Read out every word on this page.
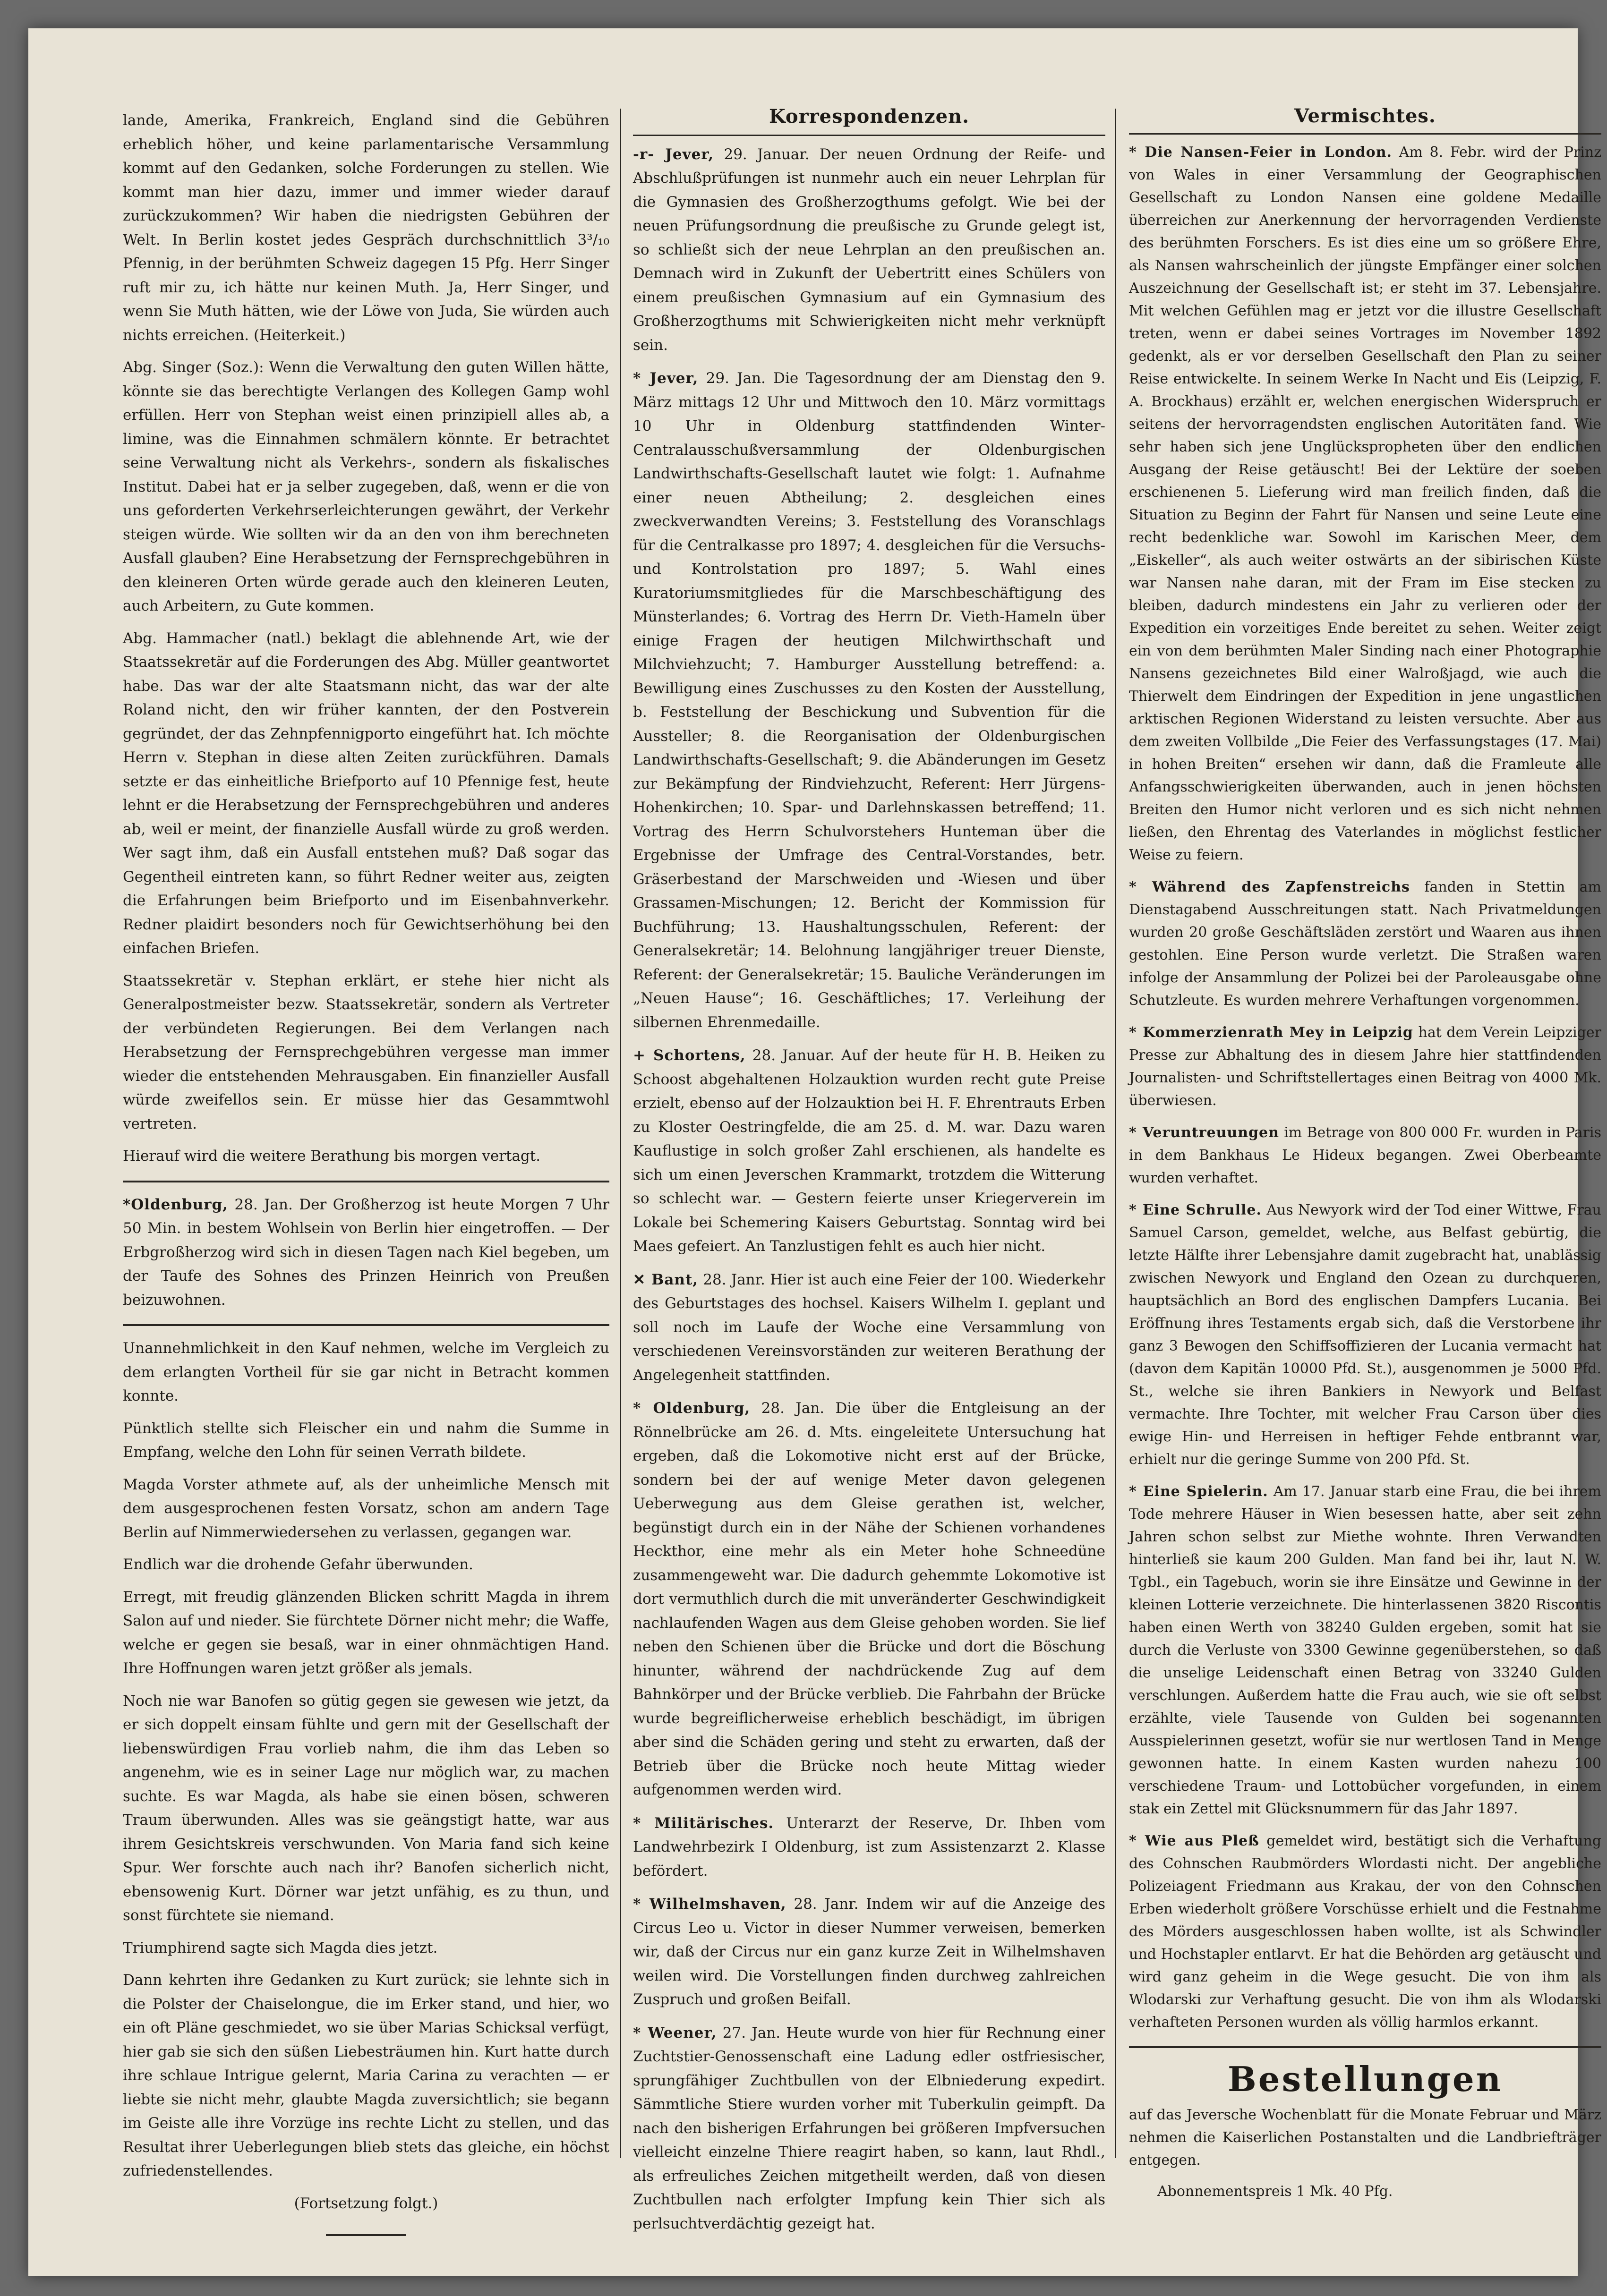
lande, Amerika, Frankreich, England sind die Gebühren erheblich höher, und keine parlamentarische Versammlung kommt auf den Gedanken, solche Forderungen zu stellen. Wie kommt man hier dazu, immer und immer wieder darauf zurückzukommen? Wir haben die niedrigsten Gebühren der Welt. In Berlin kostet jedes Gespräch durchschnittlich 3³/₁₀ Pfennig, in der berühmten Schweiz dagegen 15 Pfg. Herr Singer ruft mir zu, ich hätte nur keinen Muth. Ja, Herr Singer, und wenn Sie Muth hätten, wie der Löwe von Juda, Sie würden auch nichts erreichen. (Heiterkeit.)

Abg. Singer (Soz.): Wenn die Verwaltung den guten Willen hätte, könnte sie das berechtigte Verlangen des Kollegen Gamp wohl erfüllen. Herr von Stephan weist einen prinzipiell alles ab, a limine, was die Einnahmen schmälern könnte. Er betrachtet seine Verwaltung nicht als Verkehrs-, sondern als fiskalisches Institut. Dabei hat er ja selber zugegeben, daß, wenn er die von uns geforderten Verkehrserleichterungen gewährt, der Verkehr steigen würde. Wie sollten wir da an den von ihm berechneten Ausfall glauben? Eine Herabsetzung der Fernsprechgebühren in den kleineren Orten würde gerade auch den kleineren Leuten, auch Arbeitern, zu Gute kommen.

Abg. Hammacher (natl.) beklagt die ablehnende Art, wie der Staatssekretär auf die Forderungen des Abg. Müller geantwortet habe. Das war der alte Staatsmann nicht, das war der alte Roland nicht, den wir früher kannten, der den Postverein gegründet, der das Zehnpfennigporto eingeführt hat. Ich möchte Herrn v. Stephan in diese alten Zeiten zurückführen. Damals setzte er das einheitliche Briefporto auf 10 Pfennige fest, heute lehnt er die Herabsetzung der Fernsprechgebühren und anderes ab, weil er meint, der finanzielle Ausfall würde zu groß werden. Wer sagt ihm, daß ein Ausfall entstehen muß? Daß sogar das Gegentheil eintreten kann, so führt Redner weiter aus, zeigten die Erfahrungen beim Briefporto und im Eisenbahnverkehr. Redner plaidirt besonders noch für Gewichtserhöhung bei den einfachen Briefen.

Staatssekretär v. Stephan erklärt, er stehe hier nicht als Generalpostmeister bezw. Staatssekretär, sondern als Vertreter der verbündeten Regierungen. Bei dem Verlangen nach Herabsetzung der Fernsprechgebühren vergesse man immer wieder die entstehenden Mehrausgaben. Ein finanzieller Ausfall würde zweifellos sein. Er müsse hier das Gesammtwohl vertreten.

Hierauf wird die weitere Berathung bis morgen vertagt.

*Oldenburg, 28. Jan. Der Großherzog ist heute Morgen 7 Uhr 50 Min. in bestem Wohlsein von Berlin hier eingetroffen. — Der Erbgroßherzog wird sich in diesen Tagen nach Kiel begeben, um der Taufe des Sohnes des Prinzen Heinrich von Preußen beizuwohnen.

Unannehmlichkeit in den Kauf nehmen, welche im Vergleich zu dem erlangten Vortheil für sie gar nicht in Betracht kommen konnte.

Pünktlich stellte sich Fleischer ein und nahm die Summe in Empfang, welche den Lohn für seinen Verrath bildete.

Magda Vorster athmete auf, als der unheimliche Mensch mit dem ausgesprochenen festen Vorsatz, schon am andern Tage Berlin auf Nimmerwiedersehen zu verlassen, gegangen war.

Endlich war die drohende Gefahr überwunden.

Erregt, mit freudig glänzenden Blicken schritt Magda in ihrem Salon auf und nieder. Sie fürchtete Dörner nicht mehr; die Waffe, welche er gegen sie besaß, war in einer ohnmächtigen Hand. Ihre Hoffnungen waren jetzt größer als jemals.

Noch nie war Banofen so gütig gegen sie gewesen wie jetzt, da er sich doppelt einsam fühlte und gern mit der Gesellschaft der liebenswürdigen Frau vorlieb nahm, die ihm das Leben so angenehm, wie es in seiner Lage nur möglich war, zu machen suchte. Es war Magda, als habe sie einen bösen, schweren Traum überwunden. Alles was sie geängstigt hatte, war aus ihrem Gesichtskreis verschwunden. Von Maria fand sich keine Spur. Wer forschte auch nach ihr? Banofen sicherlich nicht, ebensowenig Kurt. Dörner war jetzt unfähig, es zu thun, und sonst fürchtete sie niemand.

Triumphirend sagte sich Magda dies jetzt.

Dann kehrten ihre Gedanken zu Kurt zurück; sie lehnte sich in die Polster der Chaiselongue, die im Erker stand, und hier, wo ein oft Pläne geschmiedet, wo sie über Marias Schicksal verfügt, hier gab sie sich den süßen Liebesträumen hin. Kurt hatte durch ihre schlaue Intrigue gelernt, Maria Carina zu verachten — er liebte sie nicht mehr, glaubte Magda zuversichtlich; sie begann im Geiste alle ihre Vorzüge ins rechte Licht zu stellen, und das Resultat ihrer Ueberlegungen blieb stets das gleiche, ein höchst zufriedenstellendes.

(Fortsetzung folgt.)
Korrespondenzen.

-r- Jever, 29. Januar. Der neuen Ordnung der Reife- und Abschlußprüfungen ist nunmehr auch ein neuer Lehrplan für die Gymnasien des Großherzogthums gefolgt. Wie bei der neuen Prüfungsordnung die preußische zu Grunde gelegt ist, so schließt sich der neue Lehrplan an den preußischen an. Demnach wird in Zukunft der Uebertritt eines Schülers von einem preußischen Gymnasium auf ein Gymnasium des Großherzogthums mit Schwierigkeiten nicht mehr verknüpft sein.

* Jever, 29. Jan. Die Tagesordnung der am Dienstag den 9. März mittags 12 Uhr und Mittwoch den 10. März vormittags 10 Uhr in Oldenburg stattfindenden Winter-Centralausschußversammlung der Oldenburgischen Landwirthschafts-Gesellschaft lautet wie folgt: 1. Aufnahme einer neuen Abtheilung; 2. desgleichen eines zweckverwandten Vereins; 3. Feststellung des Voranschlags für die Centralkasse pro 1897; 4. desgleichen für die Versuchs- und Kontrolstation pro 1897; 5. Wahl eines Kuratoriumsmitgliedes für die Marschbeschäftigung des Münsterlandes; 6. Vortrag des Herrn Dr. Vieth-Hameln über einige Fragen der heutigen Milchwirthschaft und Milchviehzucht; 7. Hamburger Ausstellung betreffend: a. Bewilligung eines Zuschusses zu den Kosten der Ausstellung, b. Feststellung der Beschickung und Subvention für die Aussteller; 8. die Reorganisation der Oldenburgischen Landwirthschafts-Gesellschaft; 9. die Abänderungen im Gesetz zur Bekämpfung der Rindviehzucht, Referent: Herr Jürgens-Hohenkirchen; 10. Spar- und Darlehnskassen betreffend; 11. Vortrag des Herrn Schulvorstehers Hunteman über die Ergebnisse der Umfrage des Central-Vorstandes, betr. Gräserbestand der Marschweiden und -Wiesen und über Grassamen-Mischungen; 12. Bericht der Kommission für Buchführung; 13. Haushaltungsschulen, Referent: der Generalsekretär; 14. Belohnung langjähriger treuer Dienste, Referent: der Generalsekretär; 15. Bauliche Veränderungen im „Neuen Hause“; 16. Geschäftliches; 17. Verleihung der silbernen Ehrenmedaille.

+ Schortens, 28. Januar. Auf der heute für H. B. Heiken zu Schoost abgehaltenen Holzauktion wurden recht gute Preise erzielt, ebenso auf der Holzauktion bei H. F. Ehrentrauts Erben zu Kloster Oestringfelde, die am 25. d. M. war. Dazu waren Kauflustige in solch großer Zahl erschienen, als handelte es sich um einen Jeverschen Krammarkt, trotzdem die Witterung so schlecht war. — Gestern feierte unser Kriegerverein im Lokale bei Schemering Kaisers Geburtstag. Sonntag wird bei Maes gefeiert. An Tanzlustigen fehlt es auch hier nicht.

✕ Bant, 28. Janr. Hier ist auch eine Feier der 100. Wiederkehr des Geburtstages des hochsel. Kaisers Wilhelm I. geplant und soll noch im Laufe der Woche eine Versammlung von verschiedenen Vereinsvorständen zur weiteren Berathung der Angelegenheit stattfinden.

* Oldenburg, 28. Jan. Die über die Entgleisung an der Rönnelbrücke am 26. d. Mts. eingeleitete Untersuchung hat ergeben, daß die Lokomotive nicht erst auf der Brücke, sondern bei der auf wenige Meter davon gelegenen Ueberwegung aus dem Gleise gerathen ist, welcher, begünstigt durch ein in der Nähe der Schienen vorhandenes Heckthor, eine mehr als ein Meter hohe Schneedüne zusammengeweht war. Die dadurch gehemmte Lokomotive ist dort vermuthlich durch die mit unveränderter Geschwindigkeit nachlaufenden Wagen aus dem Gleise gehoben worden. Sie lief neben den Schienen über die Brücke und dort die Böschung hinunter, während der nachdrückende Zug auf dem Bahnkörper und der Brücke verblieb. Die Fahrbahn der Brücke wurde begreiflicherweise erheblich beschädigt, im übrigen aber sind die Schäden gering und steht zu erwarten, daß der Betrieb über die Brücke noch heute Mittag wieder aufgenommen werden wird.

* Militärisches. Unterarzt der Reserve, Dr. Ihben vom Landwehrbezirk I Oldenburg, ist zum Assistenzarzt 2. Klasse befördert.

* Wilhelmshaven, 28. Janr. Indem wir auf die Anzeige des Circus Leo u. Victor in dieser Nummer verweisen, bemerken wir, daß der Circus nur ein ganz kurze Zeit in Wilhelmshaven weilen wird. Die Vorstellungen finden durchweg zahlreichen Zuspruch und großen Beifall.

* Weener, 27. Jan. Heute wurde von hier für Rechnung einer Zuchtstier-Genossenschaft eine Ladung edler ostfriesischer, sprungfähiger Zuchtbullen von der Elbniederung expedirt. Sämmtliche Stiere wurden vorher mit Tuberkulin geimpft. Da nach den bisherigen Erfahrungen bei größeren Impfversuchen vielleicht einzelne Thiere reagirt haben, so kann, laut Rhdl., als erfreuliches Zeichen mitgetheilt werden, daß von diesen Zuchtbullen nach erfolgter Impfung kein Thier sich als perlsuchtverdächtig gezeigt hat.

Vermischtes.

* Die Nansen-Feier in London. Am 8. Febr. wird der Prinz von Wales in einer Versammlung der Geographischen Gesellschaft zu London Nansen eine goldene Medaille überreichen zur Anerkennung der hervorragenden Verdienste des berühmten Forschers. Es ist dies eine um so größere Ehre, als Nansen wahrscheinlich der jüngste Empfänger einer solchen Auszeichnung der Gesellschaft ist; er steht im 37. Lebensjahre. Mit welchen Gefühlen mag er jetzt vor die illustre Gesellschaft treten, wenn er dabei seines Vortrages im November 1892 gedenkt, als er vor derselben Gesellschaft den Plan zu seiner Reise entwickelte. In seinem Werke In Nacht und Eis (Leipzig, F. A. Brockhaus) erzählt er, welchen energischen Widerspruch er seitens der hervorragendsten englischen Autoritäten fand. Wie sehr haben sich jene Unglückspropheten über den endlichen Ausgang der Reise getäuscht! Bei der Lektüre der soeben erschienenen 5. Lieferung wird man freilich finden, daß die Situation zu Beginn der Fahrt für Nansen und seine Leute eine recht bedenkliche war. Sowohl im Karischen Meer, dem „Eiskeller“, als auch weiter ostwärts an der sibirischen Küste war Nansen nahe daran, mit der Fram im Eise stecken zu bleiben, dadurch mindestens ein Jahr zu verlieren oder der Expedition ein vorzeitiges Ende bereitet zu sehen. Weiter zeigt ein von dem berühmten Maler Sinding nach einer Photographie Nansens gezeichnetes Bild einer Walroßjagd, wie auch die Thierwelt dem Eindringen der Expedition in jene ungastlichen arktischen Regionen Widerstand zu leisten versuchte. Aber aus dem zweiten Vollbilde „Die Feier des Verfassungstages (17. Mai) in hohen Breiten“ ersehen wir dann, daß die Framleute alle Anfangsschwierigkeiten überwanden, auch in jenen höchsten Breiten den Humor nicht verloren und es sich nicht nehmen ließen, den Ehrentag des Vaterlandes in möglichst festlicher Weise zu feiern.

* Während des Zapfenstreichs fanden in Stettin am Dienstagabend Ausschreitungen statt. Nach Privatmeldungen wurden 20 große Geschäftsläden zerstört und Waaren aus ihnen gestohlen. Eine Person wurde verletzt. Die Straßen waren infolge der Ansammlung der Polizei bei der Paroleausgabe ohne Schutzleute. Es wurden mehrere Verhaftungen vorgenommen.

* Kommerzienrath Mey in Leipzig hat dem Verein Leipziger Presse zur Abhaltung des in diesem Jahre hier stattfindenden Journalisten- und Schriftstellertages einen Beitrag von 4000 Mk. überwiesen.

* Veruntreuungen im Betrage von 800 000 Fr. wurden in Paris in dem Bankhaus Le Hideux begangen. Zwei Oberbeamte wurden verhaftet.

* Eine Schrulle. Aus Newyork wird der Tod einer Wittwe, Frau Samuel Carson, gemeldet, welche, aus Belfast gebürtig, die letzte Hälfte ihrer Lebensjahre damit zugebracht hat, unablässig zwischen Newyork und England den Ozean zu durchqueren, hauptsächlich an Bord des englischen Dampfers Lucania. Bei Eröffnung ihres Testaments ergab sich, daß die Verstorbene ihr ganz 3 Bewogen den Schiffsoffizieren der Lucania vermacht hat (davon dem Kapitän 10000 Pfd. St.), ausgenommen je 5000 Pfd. St., welche sie ihren Bankiers in Newyork und Belfast vermachte. Ihre Tochter, mit welcher Frau Carson über dies ewige Hin- und Herreisen in heftiger Fehde entbrannt war, erhielt nur die geringe Summe von 200 Pfd. St.

* Eine Spielerin. Am 17. Januar starb eine Frau, die bei ihrem Tode mehrere Häuser in Wien besessen hatte, aber seit zehn Jahren schon selbst zur Miethe wohnte. Ihren Verwandten hinterließ sie kaum 200 Gulden. Man fand bei ihr, laut N. W. Tgbl., ein Tagebuch, worin sie ihre Einsätze und Gewinne in der kleinen Lotterie verzeichnete. Die hinterlassenen 3820 Riscontis haben einen Werth von 38240 Gulden ergeben, somit hat sie durch die Verluste von 3300 Gewinne gegenüberstehen, so daß die unselige Leidenschaft einen Betrag von 33240 Gulden verschlungen. Außerdem hatte die Frau auch, wie sie oft selbst erzählte, viele Tausende von Gulden bei sogenannten Ausspielerinnen gesetzt, wofür sie nur wertlosen Tand in Menge gewonnen hatte. In einem Kasten wurden nahezu 100 verschiedene Traum- und Lottobücher vorgefunden, in einem stak ein Zettel mit Glücksnummern für das Jahr 1897.

* Wie aus Pleß gemeldet wird, bestätigt sich die Verhaftung des Cohnschen Raubmörders Wlordasti nicht. Der angebliche Polizeiagent Friedmann aus Krakau, der von den Cohnschen Erben wiederholt größere Vorschüsse erhielt und die Festnahme des Mörders ausgeschlossen haben wollte, ist als Schwindler und Hochstapler entlarvt. Er hat die Behörden arg getäuscht und wird ganz geheim in die Wege gesucht. Die von ihm als Wlodarski zur Verhaftung gesucht. Die von ihm als Wlodarski verhafteten Personen wurden als völlig harmlos erkannt.

Bestellungen

auf das Jeversche Wochenblatt für die Monate Februar und März nehmen die Kaiserlichen Postanstalten und die Landbriefträger entgegen.

Abonnementspreis 1 Mk. 40 Pfg.
